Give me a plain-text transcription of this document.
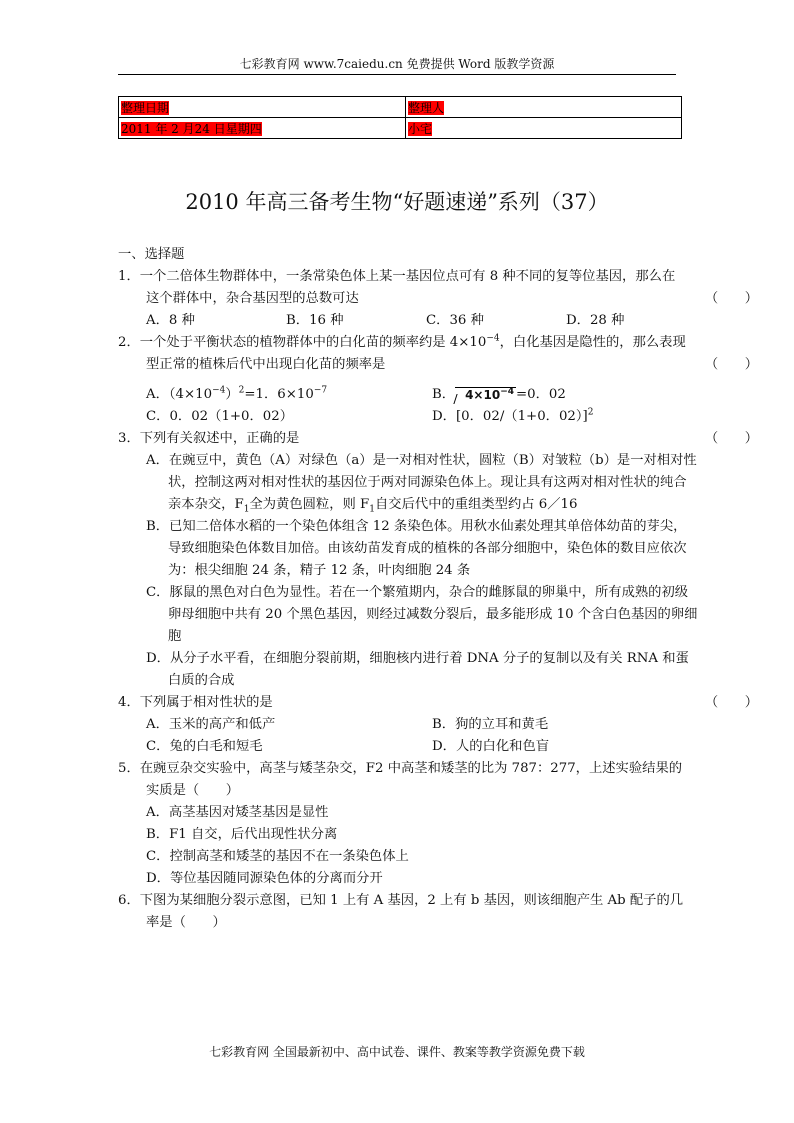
七彩教育网 www.7caiedu.cn 免费提供 Word 版教学资源
整理日期	整理人
2011 年 2 月24 日星期四	小宅
2010 年高三备考生物“好题速递”系列（37）
一、选择题
1．一个二倍体生物群体中，一条常染色体上某一基因位点可有 8 种不同的复等位基因，那么在这个群体中，杂合基因型的总数可达	（　　）
A．8 种	B．16 种	C．36 种	D．28 种
2．一个处于平衡状态的植物群体中的白化苗的频率约是 $4\times 10^{-4}$，白化基因是隐性的，那么表现型正常的植株后代中出现白化苗的频率是	（　　）
A．$(4\times 10^{-4})^2=1$．$6\times 10^{-7}$	B． $4\times 10^{-4} =0$．02
C．0．02（1+0．02）	D．[0．02/（1+0．02）]$^2$
3．下列有关叙述中，正确的是	（　　）
A．在豌豆中，黄色（A）对绿色（a）是一对相对性状，圆粒（B）对皱粒（b）是一对相对性状，控制这两对相对性状的基因位于两对同源染色体上。现让具有这两对相对性状的纯合亲本杂交，$F_1$全为黄色圆粒，则 $F_1$自交后代中的重组类型约占 6／16
B．已知二倍体水稻的一个染色体组含 12 条染色体。用秋水仙素处理其单倍体幼苗的芽尖，导致细胞染色体数目加倍。由该幼苗发育成的植株的各部分细胞中，染色体的数目应依次为：根尖细胞 24 条，精子 12 条，叶肉细胞 24 条
C．豚鼠的黑色对白色为显性。若在一个繁殖期内，杂合的雌豚鼠的卵巢中，所有成熟的初级卵母细胞中共有 20 个黑色基因，则经过减数分裂后，最多能形成 10 个含白色基因的卵细胞
D．从分子水平看，在细胞分裂前期，细胞核内进行着 DNA 分子的复制以及有关 RNA 和蛋白质的合成
4．下列属于相对性状的是	（　　）
A．玉米的高产和低产	B．狗的立耳和黄毛
C．兔的白毛和短毛	D．人的白化和色盲
5．在豌豆杂交实验中，高茎与矮茎杂交，F2 中高茎和矮茎的比为 787：277，上述实验结果的实质是（　　）
A．高茎基因对矮茎基因是显性
B．F1 自交，后代出现性状分离
C．控制高茎和矮茎的基因不在一条染色体上
D．等位基因随同源染色体的分离而分开
6．下图为某细胞分裂示意图，已知 1 上有 A 基因，2 上有 b 基因，则该细胞产生 Ab 配子的几率是（　　）
七彩教育网 全国最新初中、高中试卷、课件、教案等教学资源免费下载
